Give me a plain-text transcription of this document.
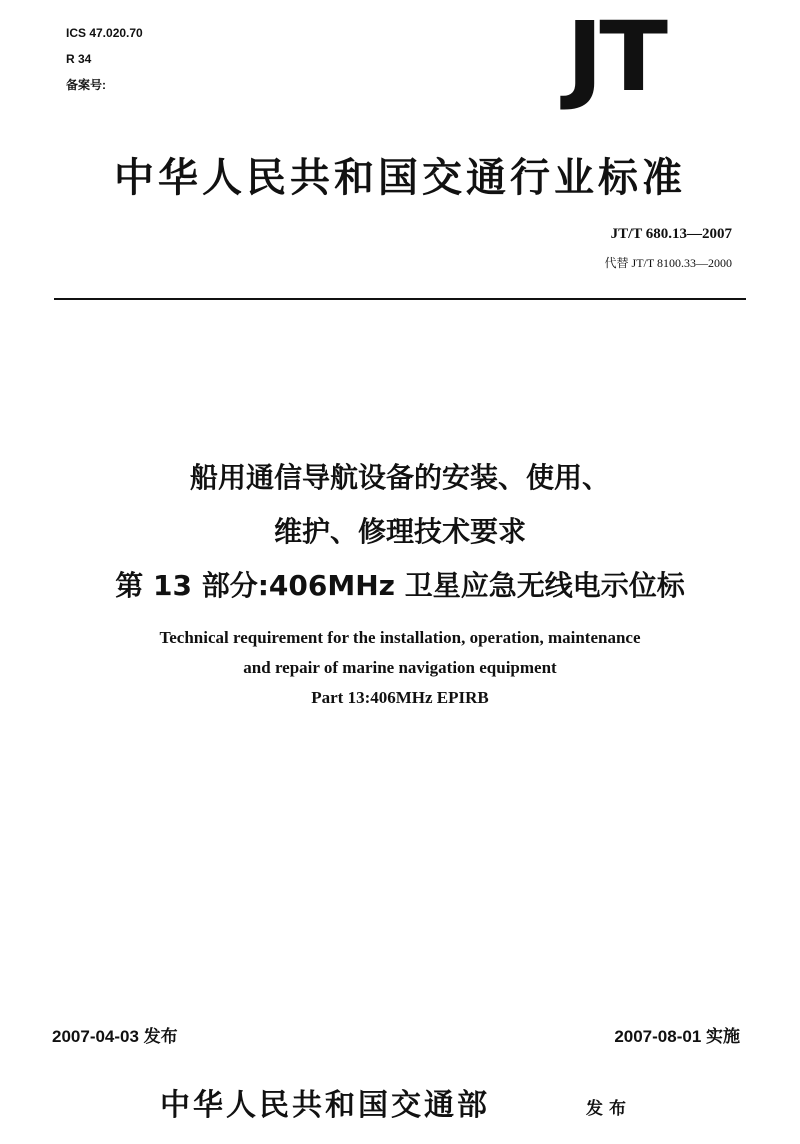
ICS 47.020.70
R 34
备案号:	JT
中华人民共和国交通行业标准
JT/T 680.13—2007
代替 JT/T 8100.33—2000
船用通信导航设备的安装、使用、
维护、修理技术要求
第 13 部分:406MHz 卫星应急无线电示位标
Technical requirement for the installation, operation, maintenance
and repair of marine navigation equipment
Part 13:406MHz EPIRB
2007-04-03 发布	2007-08-01 实施
中华人民共和国交通部	发布
